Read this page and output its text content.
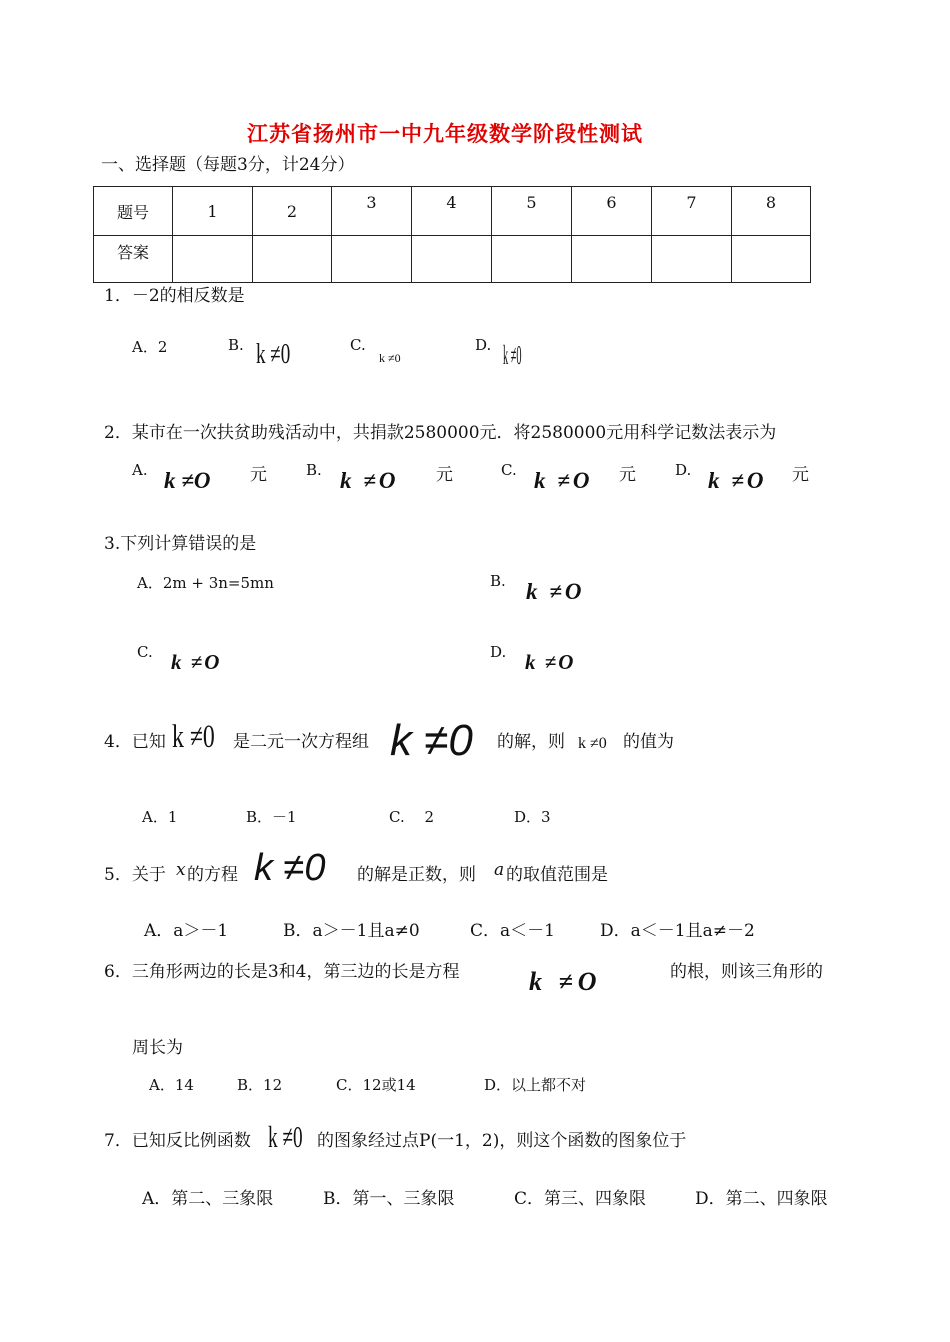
江苏省扬州市一中九年级数学阶段性测试
一、选择题（每题3分，计24分）
题号	1	2	3	4	5	6	7	8
答案								
1．－2的相反数是
A．2	B. k ≠0	C.
k ≠0
D. k ≠0
2．某市在一次扶贫助残活动中，共捐款2580000元．将2580000元用科学记数法表示为
A. k ≠O 元	B. k ≠O 元	C. k ≠O 元	D. k ≠O 元
3.下列计算错误的是
A．2m + 3n=5mn	B. k ≠O
C. k ≠O	D. k ≠O
4．已知 k ≠0 是二元一次方程组 k ≠0 的解，则 k ≠0 的值为
A．1	B．－1	C.　 2	D．3
5．关于 x 的方程 k ≠0 的解是正数，则 a 的取值范围是
A．a＞－1	B．a＞－1且a≠0	C．a＜－1	D．a＜－1且a≠－2
6．三角形两边的长是3和4，第三边的长是方程	k ≠O	的根，则该三角形的
周长为
A．14	B．12	C．12或14	D．以上都不对
7．已知反比例函数 k ≠0 的图象经过点P(一1，2)，则这个函数的图象位于
A．第二、三象限	B．第一、三象限	C．第三、四象限	D．第二、四象限
